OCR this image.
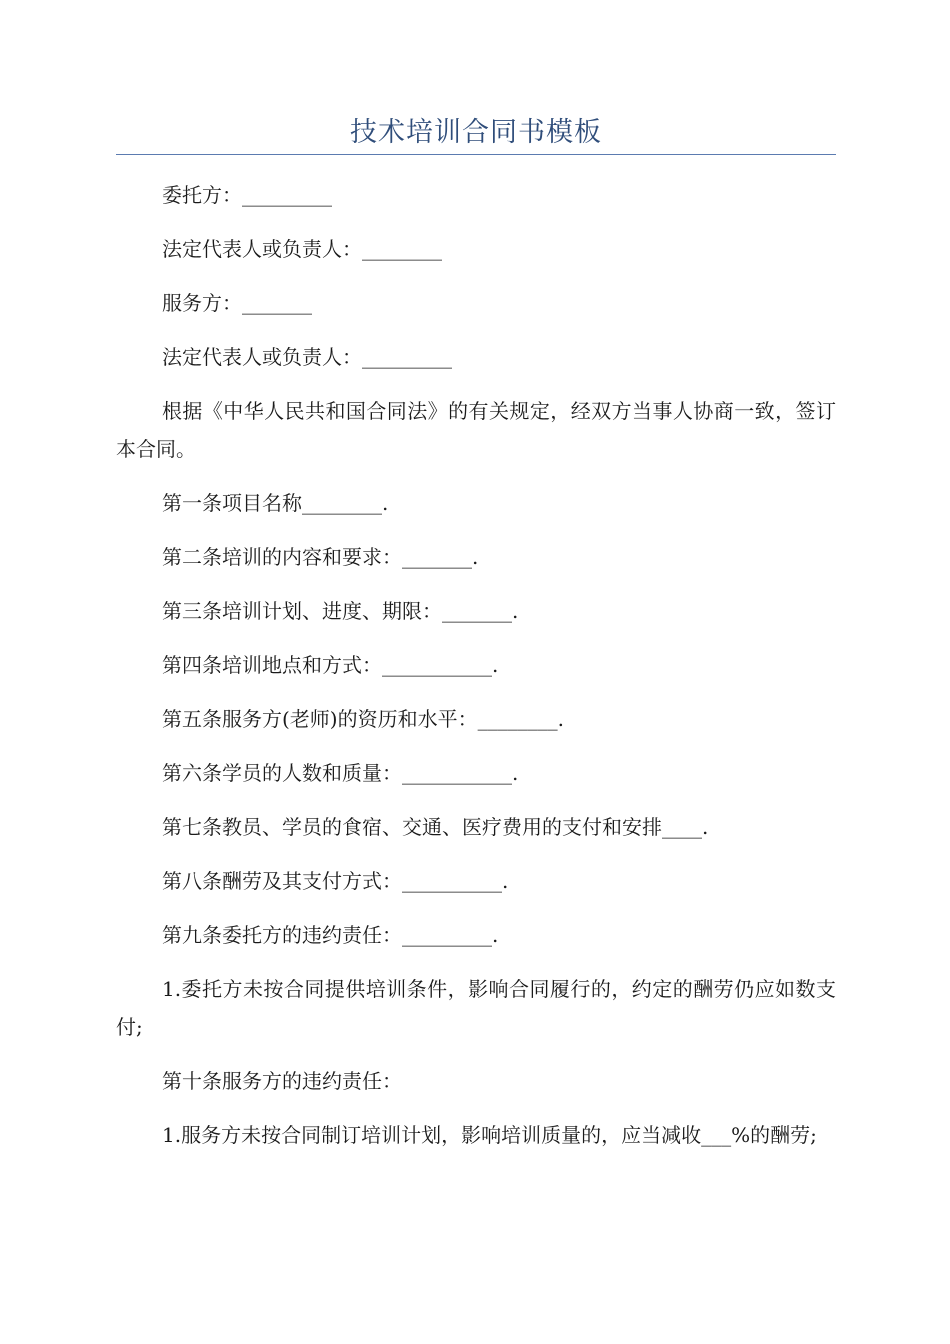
技术培训合同书模板

委托方：_________

法定代表人或负责人：________

服务方：_______

法定代表人或负责人：_________

根据《中华人民共和国合同法》的有关规定，经双方当事人协商一致，签订本合同。

第一条项目名称________.

第二条培训的内容和要求：_______.

第三条培训计划、进度、期限：_______.

第四条培训地点和方式：___________.

第五条服务方(老师)的资历和水平：________.

第六条学员的人数和质量：___________.

第七条教员、学员的食宿、交通、医疗费用的支付和安排____.

第八条酬劳及其支付方式：__________.

第九条委托方的违约责任：_________.

1.委托方未按合同提供培训条件，影响合同履行的，约定的酬劳仍应如数支付;

第十条服务方的违约责任：

1.服务方未按合同制订培训计划，影响培训质量的，应当减收___%的酬劳;
